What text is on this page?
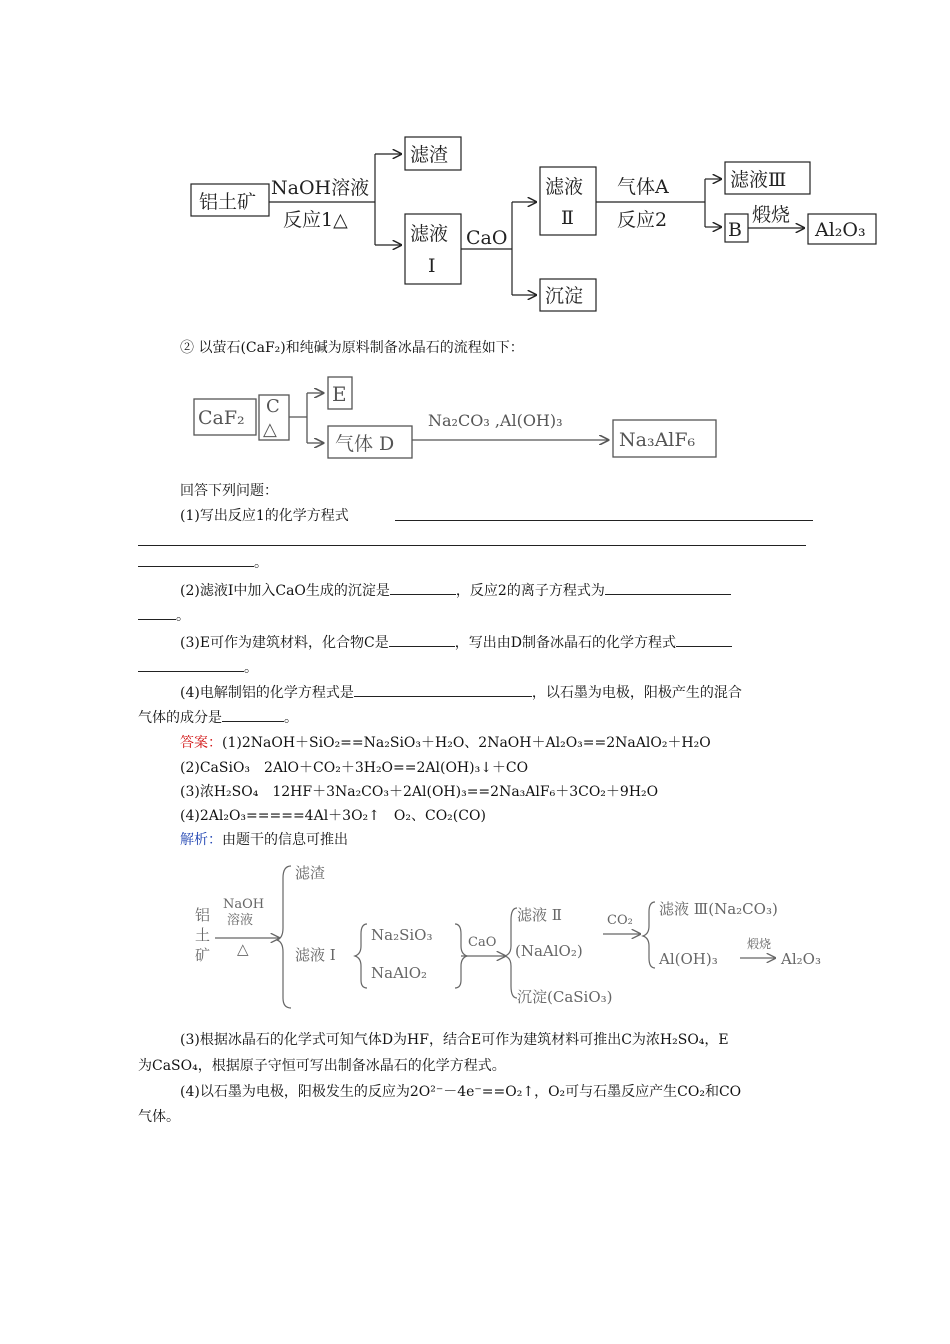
铝土矿
NaOH溶液
反应1△
滤渣
滤液
Ⅰ
CaO
滤液
Ⅱ
沉淀
气体A
反应2
滤液Ⅲ
B
煅烧
Al₂O₃
② 以萤石(CaF₂)和纯碱为原料制备冰晶石的流程如下：
CaF₂
C
△
E
气体 D
Na₂CO₃ ,Al(OH)₃
Na₃AlF₆
回答下列问题：
(1)写出反应1的化学方程式
。
(2)滤液Ⅰ中加入CaO生成的沉淀是	，反应2的离子方程式为
。
(3)E可作为建筑材料，化合物C是	，写出由D制备冰晶石的化学方程式
。
(4)电解制铝的化学方程式是	，以石墨为电极，阳极产生的混合
气体的成分是	。
答案：(1)2NaOH＋SiO₂==Na₂SiO₃＋H₂O、2NaOH＋Al₂O₃==2NaAlO₂＋H₂O
(2)CaSiO₃　2AlO＋CO₂＋3H₂O==2Al(OH)₃↓＋CO
(3)浓H₂SO₄　12HF＋3Na₂CO₃＋2Al(OH)₃==2Na₃AlF₆＋3CO₂＋9H₂O
(4)2Al₂O₃=====4Al＋3O₂↑　O₂、CO₂(CO)
解析：由题干的信息可推出
铝
土
矿
NaOH
溶液
△
滤渣
滤液 Ⅰ
Na₂SiO₃
NaAlO₂
CaO
滤液 Ⅱ
(NaAlO₂)
沉淀(CaSiO₃)
CO₂
滤液 Ⅲ(Na₂CO₃)
Al(OH)₃
煅烧
Al₂O₃
(3)根据冰晶石的化学式可知气体D为HF，结合E可作为建筑材料可推出C为浓H₂SO₄，E
为CaSO₄，根据原子守恒可写出制备冰晶石的化学方程式。
(4)以石墨为电极，阳极发生的反应为2O²⁻－4e⁻==O₂↑，O₂可与石墨反应产生CO₂和CO
气体。
